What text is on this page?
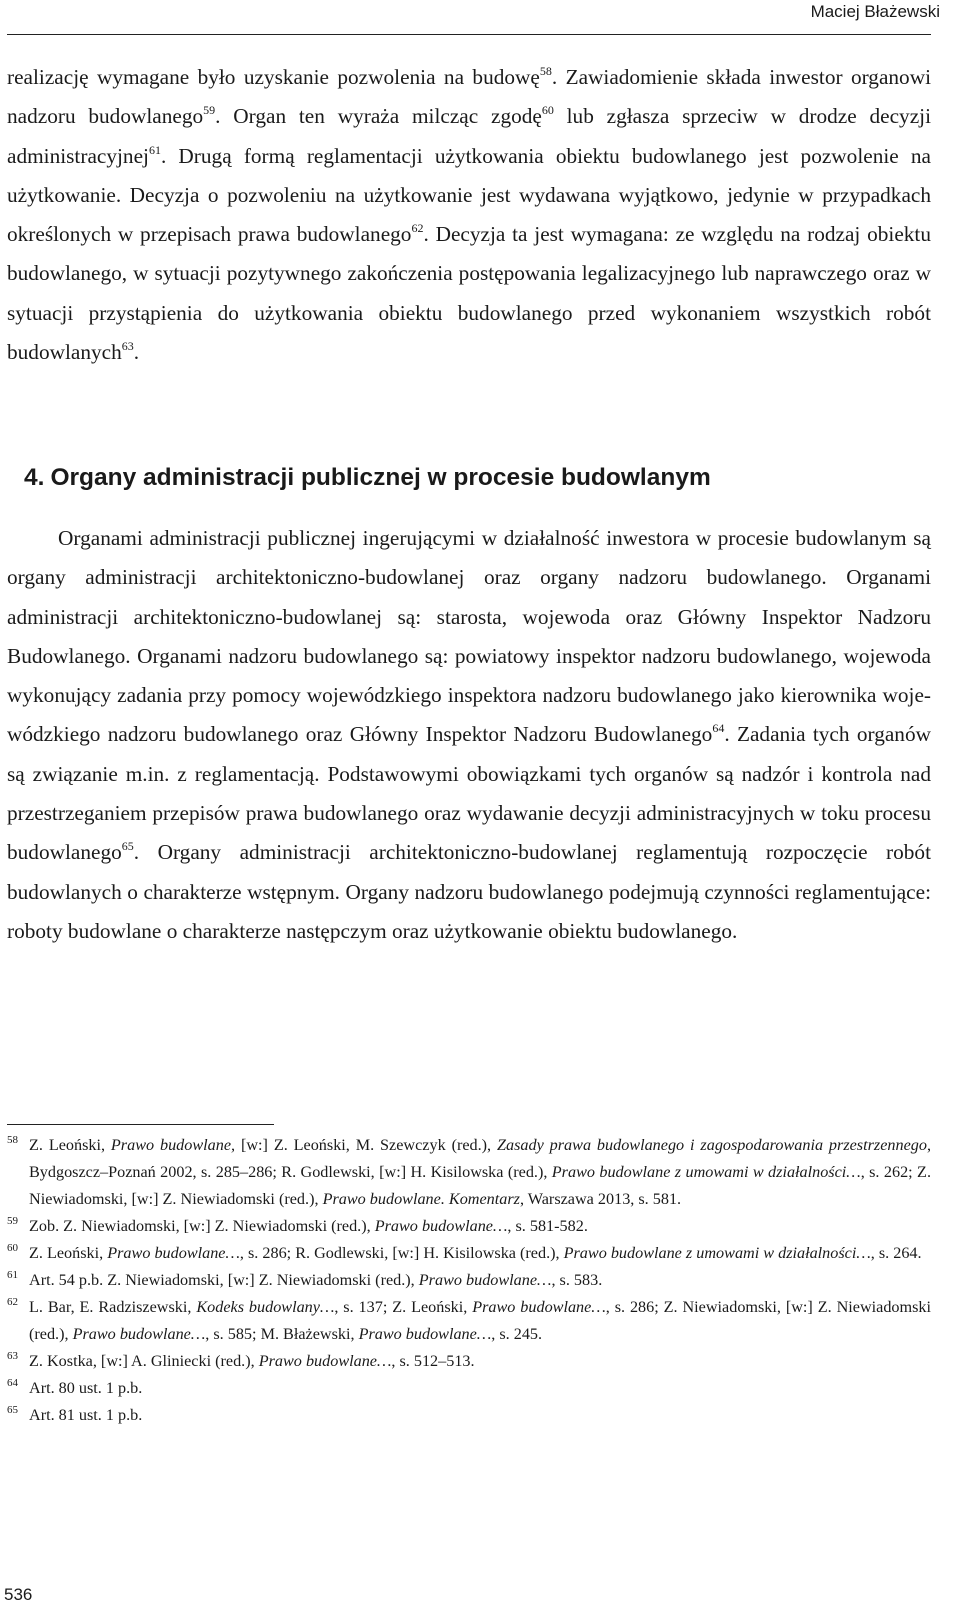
Maciej Błażewski

realizację wymagane było uzyskanie pozwolenia na budowę$^{58}$. Zawiadomienie składa inwestor organowi nadzoru budowlanego$^{59}$. Organ ten wyraża milcząc zgodę$^{60}$ lub zgłasza sprzeciw w drodze decyzji administracyjnej$^{61}$. Drugą formą reglamentacji użytkowania obiektu budowlanego jest pozwolenie na użytkowanie. Decyzja o pozwoleniu na użytkowanie jest wydawana wyjątkowo, jedynie w przypadkach określonych w przepisach prawa budowlanego$^{62}$. Decyzja ta jest wymagana: ze względu na rodzaj obiektu budowlanego, w sytuacji pozytywnego zakończenia postępowania legalizacyjnego lub naprawczego oraz w sytuacji przystąpienia do użytkowania obiektu budowlanego przed wykonaniem wszystkich robót budowlanych$^{63}$.

4. Organy administracji publicznej w procesie budowlanym

Organami administracji publicznej ingerującymi w działalność inwestora w procesie budowlanym są organy administracji architektoniczno-budowlanej oraz organy nadzoru budowlanego. Organami administracji architektoniczno-budowlanej są: starosta, wojewoda oraz Główny Inspektor Nadzoru Budowlanego. Organami nadzoru budowlanego są: powiatowy inspektor nadzoru budowlanego, wojewoda wykonujący zadania przy pomocy wojewódzkiego inspektora nadzoru budowlanego jako kierownika wojewódzkiego nadzoru budowlanego oraz Główny Inspektor Nadzoru Budowlanego$^{64}$. Zadania tych organów są związanie m.in. z reglamentacją. Podstawowymi obowiązkami tych organów są nadzór i kontrola nad przestrzeganiem przepisów prawa budowlanego oraz wydawanie decyzji administracyjnych w toku procesu budowlanego$^{65}$. Organy administracji architektoniczno-budowlanej reglamentują rozpoczęcie robót budowlanych o charakterze wstępnym. Organy nadzoru budowlanego podejmują czynności reglamentujące: roboty budowlane o charakterze następczym oraz użytkowanie obiektu budowlanego.

58 Z. Leoński, Prawo budowlane, [w:] Z. Leoński, M. Szewczyk (red.), Zasady prawa budowlanego i zagospodarowania przestrzennego, Bydgoszcz–Poznań 2002, s. 285–286; R. Godlewski, [w:] H. Kisilowska (red.), Prawo budowlane z umowami w działalności…, s. 262; Z. Niewiadomski, [w:] Z. Niewiadomski (red.), Prawo budowlane. Komentarz, Warszawa 2013, s. 581.
59 Zob. Z. Niewiadomski, [w:] Z. Niewiadomski (red.), Prawo budowlane…, s. 581-582.
60 Z. Leoński, Prawo budowlane…, s. 286; R. Godlewski, [w:] H. Kisilowska (red.), Prawo budowlane z umowami w działalności…, s. 264.
61 Art. 54 p.b. Z. Niewiadomski, [w:] Z. Niewiadomski (red.), Prawo budowlane…, s. 583.
62 L. Bar, E. Radziszewski, Kodeks budowlany…, s. 137; Z. Leoński, Prawo budowlane…, s. 286; Z. Niewiadomski, [w:] Z. Niewiadomski (red.), Prawo budowlane…, s. 585; M. Błażewski, Prawo budowlane…, s. 245.
63 Z. Kostka, [w:] A. Gliniecki (red.), Prawo budowlane…, s. 512–513.
64 Art. 80 ust. 1 p.b.
65 Art. 81 ust. 1 p.b.
536
